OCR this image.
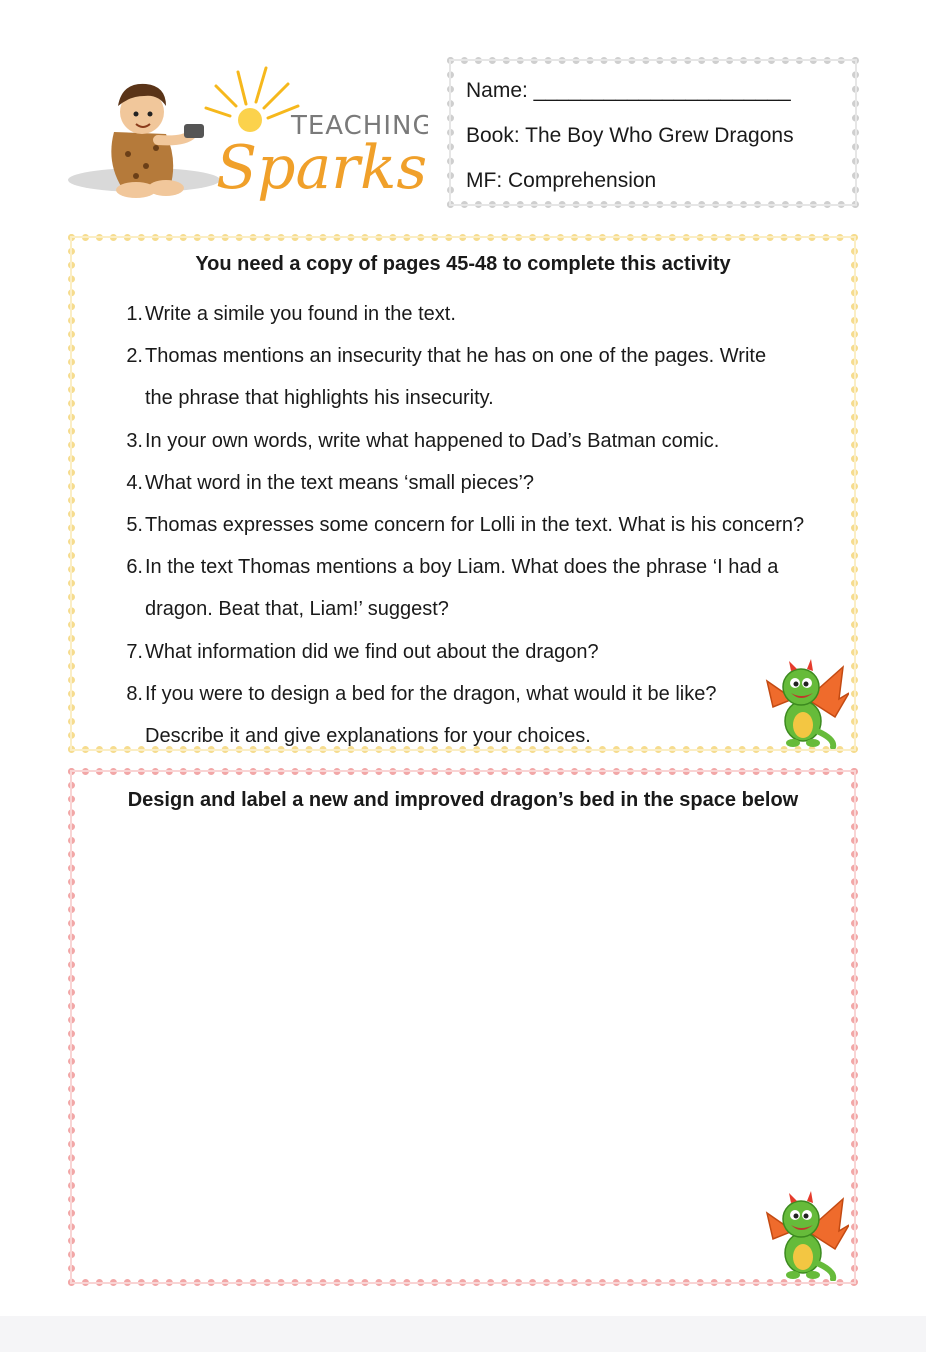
TEACHING
Sparks
Name: ______________________
Book: The Boy Who Grew Dragons
MF: Comprehension
You need a copy of pages 45-48 to complete this activity
1. Write a simile you found in the text.
2. Thomas mentions an insecurity that he has on one of the pages. Write
the phrase that highlights his insecurity.
3. In your own words, write what happened to Dad’s Batman comic.
4. What word in the text means ‘small pieces’?
5. Thomas expresses some concern for Lolli in the text. What is his concern?
6. In the text Thomas mentions a boy Liam. What does the phrase ‘I had a
dragon. Beat that, Liam!’ suggest?
7. What information did we find out about the dragon?
8. If you were to design a bed for the dragon, what would it be like?
Describe it and give explanations for your choices.
Design and label a new and improved dragon’s bed in the space below
